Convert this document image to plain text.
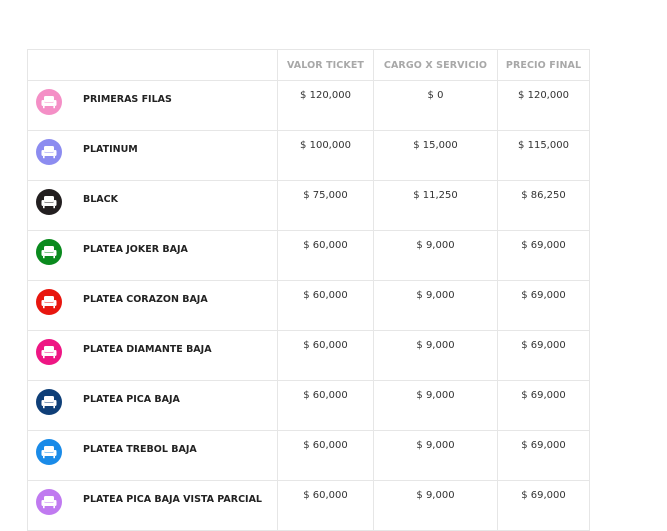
	VALOR TICKET	CARGO X SERVICIO	PRECIO FINAL

PRIMERAS FILAS	$ 120,000	$ 0	$ 120,000

PLATINUM	$ 100,000	$ 15,000	$ 115,000

BLACK	$ 75,000	$ 11,250	$ 86,250

PLATEA JOKER BAJA	$ 60,000	$ 9,000	$ 69,000

PLATEA CORAZON BAJA	$ 60,000	$ 9,000	$ 69,000

PLATEA DIAMANTE BAJA	$ 60,000	$ 9,000	$ 69,000

PLATEA PICA BAJA	$ 60,000	$ 9,000	$ 69,000

PLATEA TREBOL BAJA	$ 60,000	$ 9,000	$ 69,000

PLATEA PICA BAJA VISTA PARCIAL	$ 60,000	$ 9,000	$ 69,000
